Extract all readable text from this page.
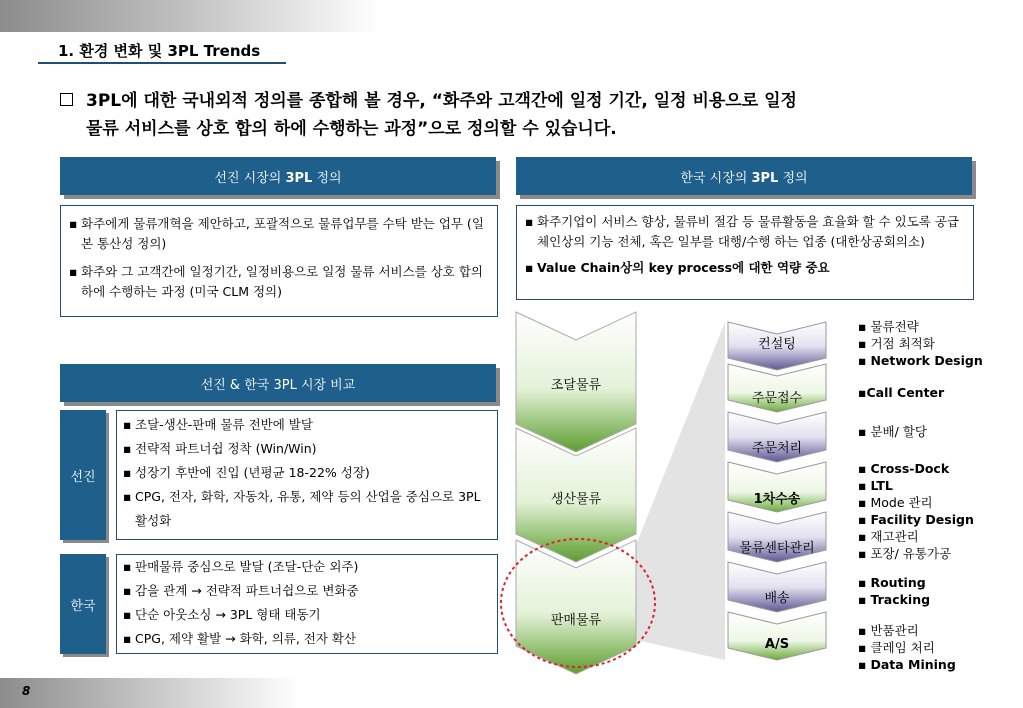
1. 환경 변화 및 3PL Trends
3PL에 대한 국내외적 정의를 종합해 볼 경우, “화주와 고객간에 일정 기간, 일정 비용으로 일정
물류 서비스를 상호 합의 하에 수행하는 과정”으로 정의할 수 있습니다.
선진 시장의 3PL 정의
▪ 화주에게 물류개혁을 제안하고, 포괄적으로 물류업무를 수탁 받는 업무 (일본 통산성 정의)
▪ 화주와 그 고객간에 일정기간, 일정비용으로 일정 물류 서비스를 상호 합의하에 수행하는 과정 (미국 CLM 정의)
한국 시장의 3PL 정의
▪ 화주기업이 서비스 향상, 물류비 절감 등 물류활동을 효율화 할 수 있도록 공급체인상의 기능 전체, 혹은 일부를 대행/수행 하는 업종 (대한상공회의소)
▪ Value Chain상의 key process에 대한 역량 중요
선진 & 한국 3PL 시장 비교
선진
▪ 조달-생산-판매 물류 전반에 발달
▪ 전략적 파트너쉽 정착 (Win/Win)
▪ 성장기 후반에 진입 (년평균 18-22% 성장)
▪ CPG, 전자, 화학, 자동차, 유통, 제약 등의 산업을 중심으로 3PL 활성화
한국
▪ 판매물류 중심으로 발달 (조달-단순 외주)
▪ 감을 관계 → 전략적 파트너쉽으로 변화중
▪ 단순 아웃소싱 → 3PL 형태 태동기
▪ CPG, 제약 활발 → 화학, 의류, 전자 확산
조달물류
생산물류
판매물류
컨설팅
주문접수
주문처리
1차수송
물류센타관리
배송
A/S
▪ 물류전략
▪ 거점 최적화
▪ Network Design
▪Call Center
▪ 분배/ 할당
▪ Cross-Dock
▪ LTL
▪ Mode 관리
▪ Facility Design
▪ 재고관리
▪ 포장/ 유통가공
▪ Routing
▪ Tracking
▪ 반품관리
▪ 클레임 처리
▪ Data Mining
8
